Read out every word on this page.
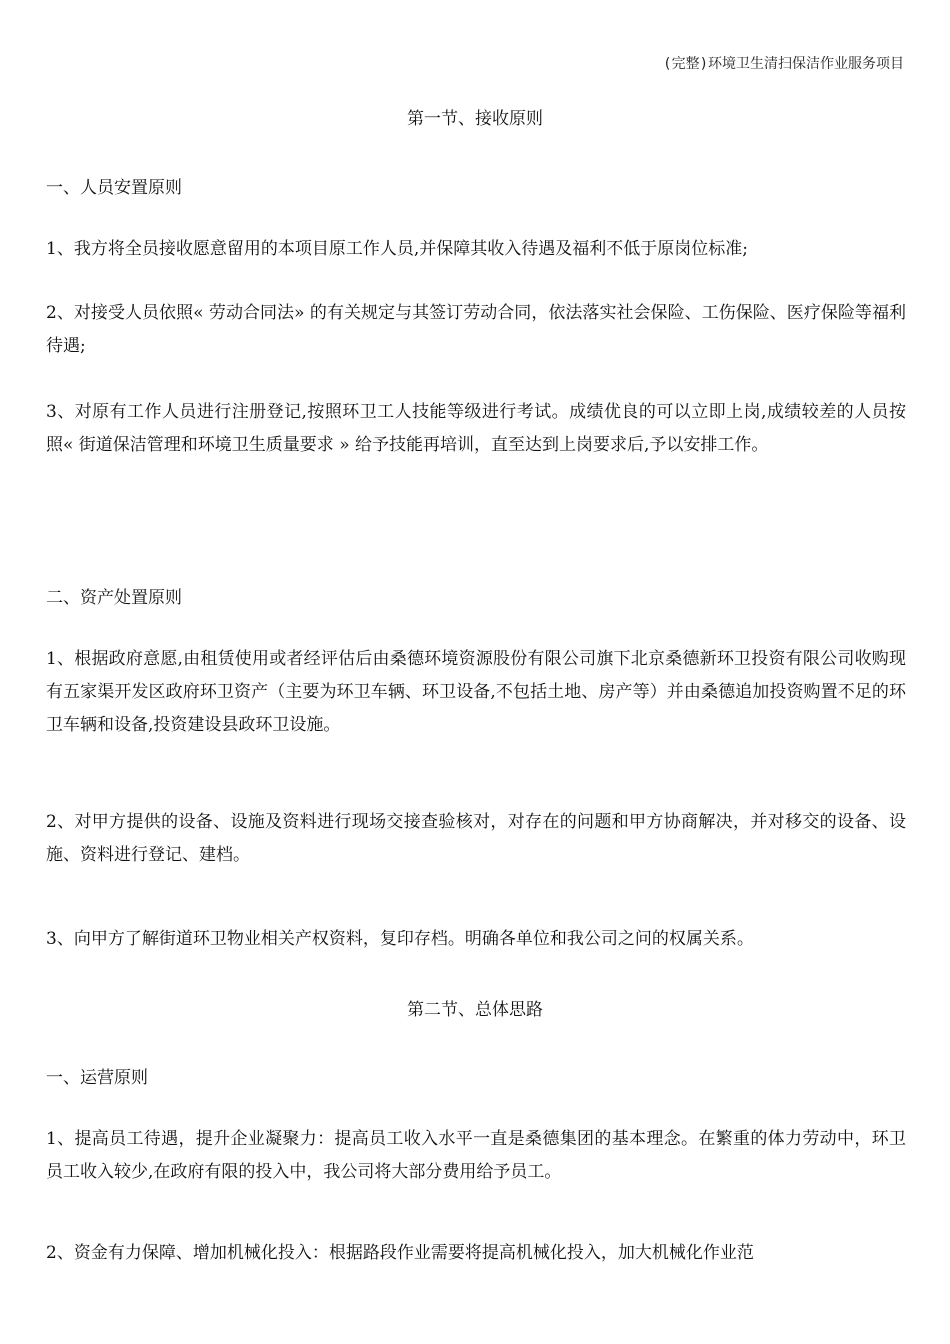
(完整)环境卫生清扫保洁作业服务项目
第一节、接收原则
一、人员安置原则
1、我方将全员接收愿意留用的本项目原工作人员,并保障其收入待遇及福利不低于原岗位标准;
2、对接受人员依照« 劳动合同法» 的有关规定与其签订劳动合同，依法落实社会保险、工伤保险、医疗保险等福利待遇;
3、对原有工作人员进行注册登记,按照环卫工人技能等级进行考试。成绩优良的可以立即上岗,成绩较差的人员按照« 街道保洁管理和环境卫生质量要求 » 给予技能再培训，直至达到上岗要求后,予以安排工作。
二、资产处置原则
1、根据政府意愿,由租赁使用或者经评估后由桑德环境资源股份有限公司旗下北京桑德新环卫投资有限公司收购现有五家渠开发区政府环卫资产（主要为环卫车辆、环卫设备,不包括土地、房产等）并由桑德追加投资购置不足的环卫车辆和设备,投资建设县政环卫设施。
2、对甲方提供的设备、设施及资料进行现场交接查验核对，对存在的问题和甲方协商解决，并对移交的设备、设施、资料进行登记、建档。
3、向甲方了解街道环卫物业相关产权资料，复印存档。明确各单位和我公司之问的权属关系。
第二节、总体思路
一、运营原则
1、提高员工待遇，提升企业凝聚力：提高员工收入水平一直是桑德集团的基本理念。在繁重的体力劳动中，环卫员工收入较少,在政府有限的投入中，我公司将大部分费用给予员工。
2、资金有力保障、增加机械化投入：根据路段作业需要将提高机械化投入，加大机械化作业范
